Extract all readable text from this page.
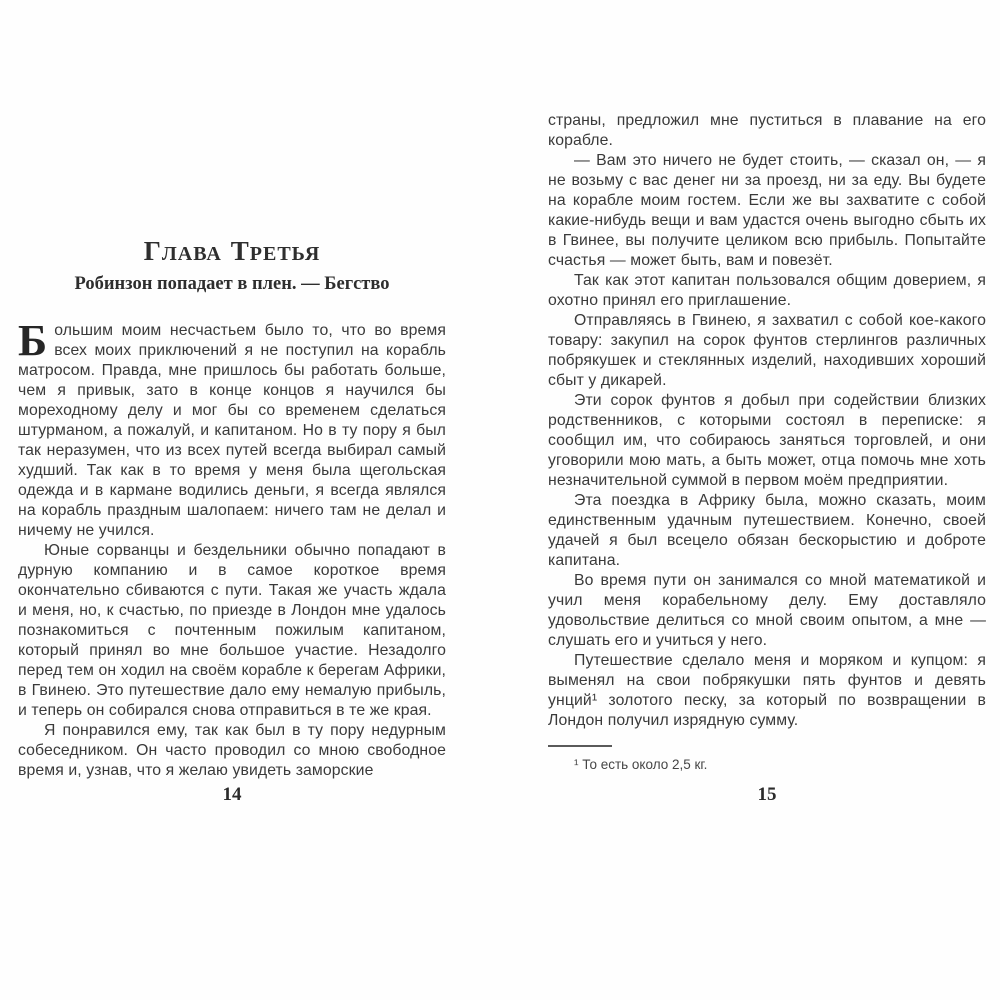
ГЛАВА ТРЕТЬЯ
Робинзон попадает в плен. — Бегство

Большим моим несчастьем было то, что во время всех моих приключений я не поступил на корабль матросом. Правда, мне пришлось бы работать больше, чем я привык, зато в конце концов я научился бы мореходному делу и мог бы со временем сделаться штурманом, а пожалуй, и капитаном. Но в ту пору я был так неразумен, что из всех путей всегда выбирал самый худший. Так как в то время у меня была щегольская одежда и в кармане водились деньги, я всегда являлся на корабль праздным шалопаем: ничего там не делал и ничему не учился.

Юные сорванцы и бездельники обычно попадают в дурную компанию и в самое короткое время окончательно сбиваются с пути. Такая же участь ждала и меня, но, к счастью, по приезде в Лондон мне удалось познакомиться с почтенным пожилым капитаном, который принял во мне большое участие. Незадолго перед тем он ходил на своём корабле к берегам Африки, в Гвинею. Это путешествие дало ему немалую прибыль, и теперь он собирался снова отправиться в те же края.

Я понравился ему, так как был в ту пору недурным собеседником. Он часто проводил со мною свободное время и, узнав, что я желаю увидеть заморские

страны, предложил мне пуститься в плавание на его корабле.

— Вам это ничего не будет стоить, — сказал он, — я не возьму с вас денег ни за проезд, ни за еду. Вы будете на корабле моим гостем. Если же вы захватите с собой какие-нибудь вещи и вам удастся очень выгодно сбыть их в Гвинее, вы получите целиком всю прибыль. Попытайте счастья — может быть, вам и повезёт.

Так как этот капитан пользовался общим доверием, я охотно принял его приглашение.

Отправляясь в Гвинею, я захватил с собой кое-какого товару: закупил на сорок фунтов стерлингов различных побрякушек и стеклянных изделий, находивших хороший сбыт у дикарей.

Эти сорок фунтов я добыл при содействии близких родственников, с которыми состоял в переписке: я сообщил им, что собираюсь заняться торговлей, и они уговорили мою мать, а быть может, отца помочь мне хоть незначительной суммой в первом моём предприятии.

Эта поездка в Африку была, можно сказать, моим единственным удачным путешествием. Конечно, своей удачей я был всецело обязан бескорыстию и доброте капитана.

Во время пути он занимался со мной математикой и учил меня корабельному делу. Ему доставляло удовольствие делиться со мной своим опытом, а мне — слушать его и учиться у него.

Путешествие сделало меня и моряком и купцом: я выменял на свои побрякушки пять фунтов и девять унций¹ золотого песку, за который по возвращении в Лондон получил изрядную сумму.

¹ То есть около 2,5 кг.
14	15
